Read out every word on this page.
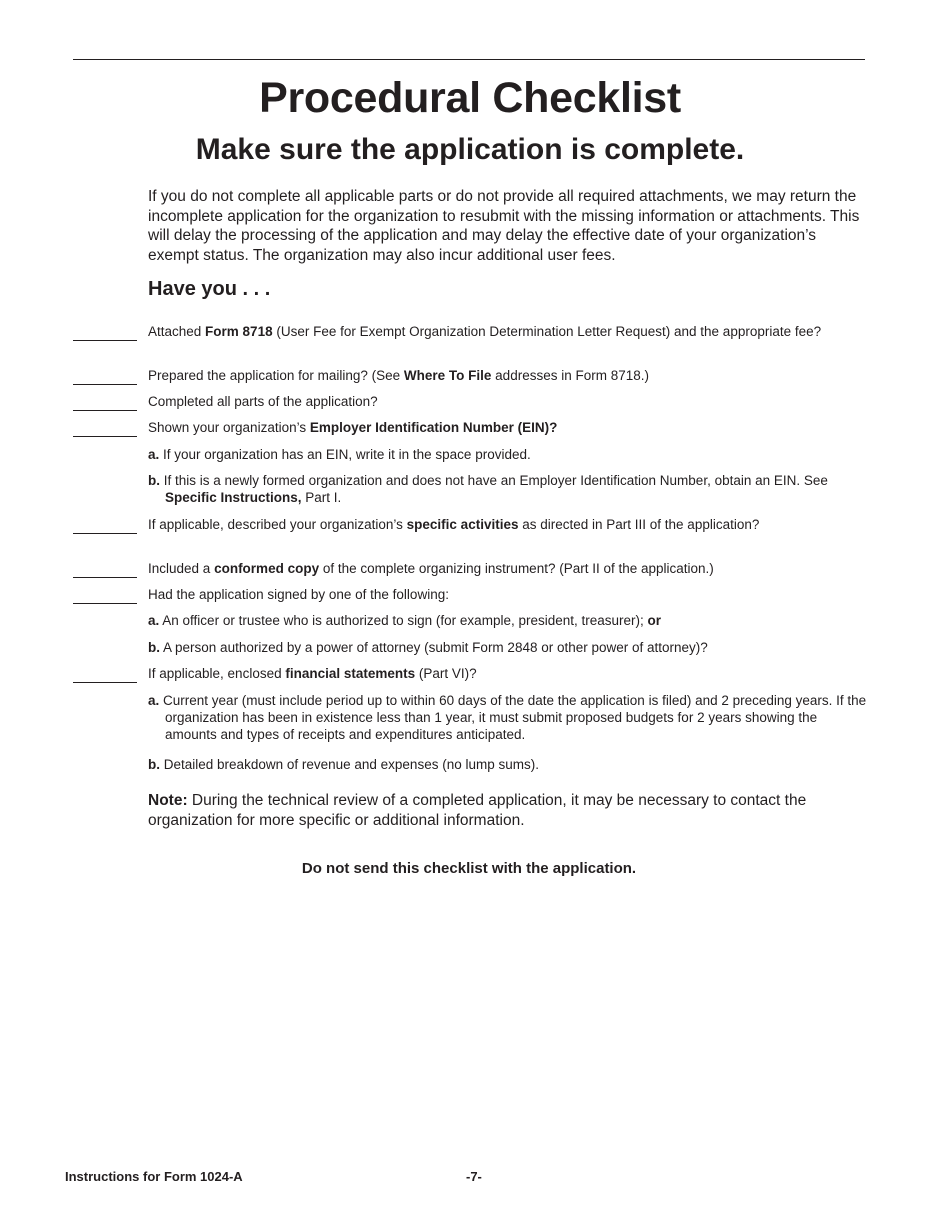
Procedural Checklist
Make sure the application is complete.

If you do not complete all applicable parts or do not provide all required attachments, we may return the incomplete application for the organization to resubmit with the missing information or attachments. This will delay the processing of the application and may delay the effective date of your organization’s exempt status. The organization may also incur additional user fees.

Have you . . .
Attached Form 8718 (User Fee for Exempt Organization Determination Letter Request) and the appropriate fee?
Prepared the application for mailing? (See Where To File addresses in Form 8718.)
Completed all parts of the application?
Shown your organization’s Employer Identification Number (EIN)?
a. If your organization has an EIN, write it in the space provided.
b. If this is a newly formed organization and does not have an Employer Identification Number, obtain an EIN. See Specific Instructions, Part I.
If applicable, described your organization’s specific activities as directed in Part III of the application?
Included a conformed copy of the complete organizing instrument? (Part II of the application.)
Had the application signed by one of the following:
a. An officer or trustee who is authorized to sign (for example, president, treasurer); or
b. A person authorized by a power of attorney (submit Form 2848 or other power of attorney)?
If applicable, enclosed financial statements (Part VI)?
a. Current year (must include period up to within 60 days of the date the application is filed) and 2 preceding years. If the organization has been in existence less than 1 year, it must submit proposed budgets for 2 years showing the amounts and types of receipts and expenditures anticipated.
b. Detailed breakdown of revenue and expenses (no lump sums).

Note: During the technical review of a completed application, it may be necessary to contact the organization for more specific or additional information.

Do not send this checklist with the application.

Instructions for Form 1024-A	-7-
